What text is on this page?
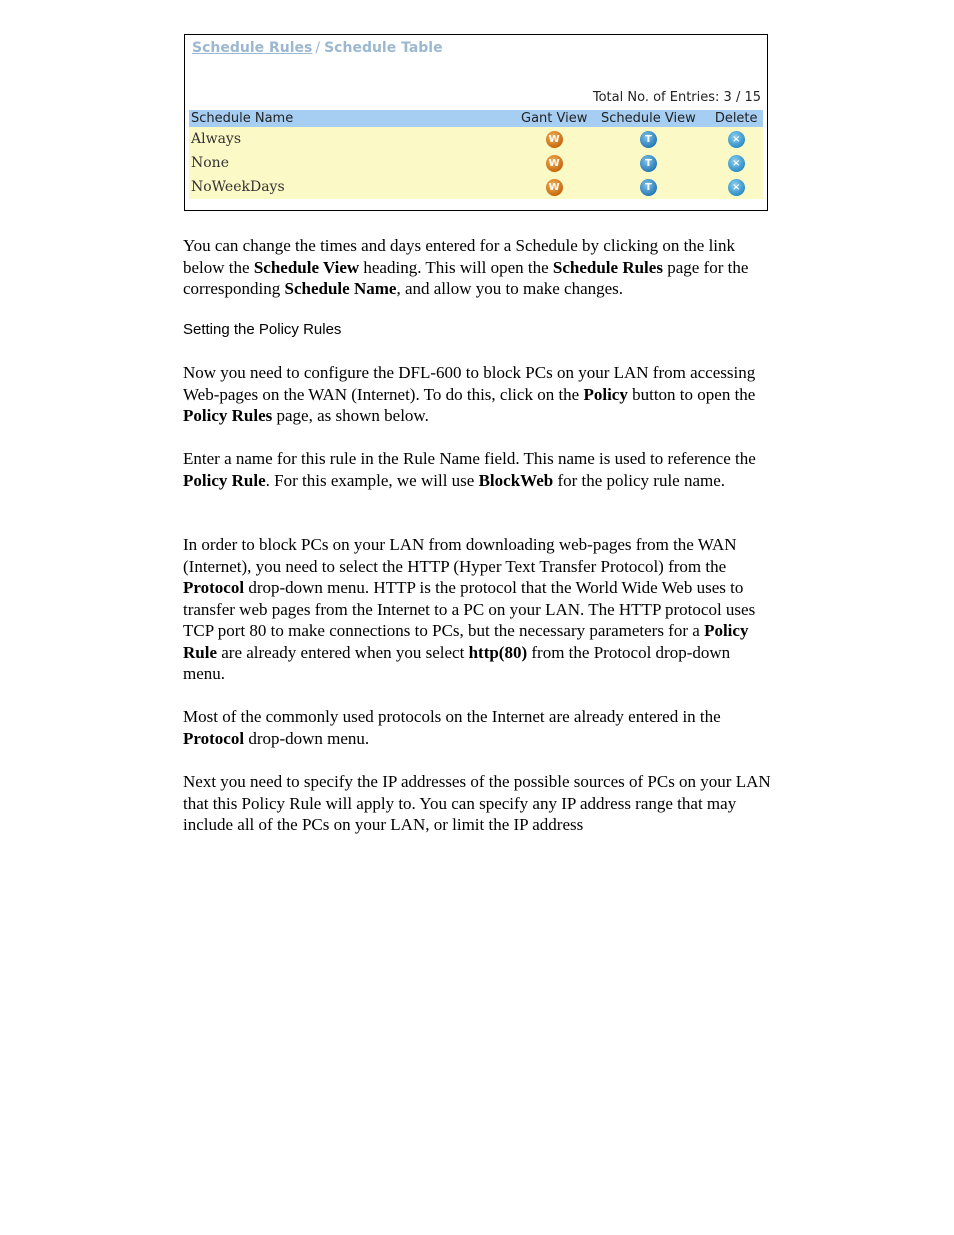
Schedule Rules / Schedule Table
Total No. of Entries: 3 / 15
Schedule Name	Gant View	Schedule View	Delete
Always	W	T	×
None	W	T	×
NoWeekDays	W	T	×

You can change the times and days entered for a Schedule by clicking on the link below the Schedule View heading. This will open the Schedule Rules page for the corresponding Schedule Name, and allow you to make changes.

Setting the Policy Rules

Now you need to configure the DFL-600 to block PCs on your LAN from accessing Web-pages on the WAN (Internet). To do this, click on the Policy button to open the Policy Rules page, as shown below.

Enter a name for this rule in the Rule Name field. This name is used to reference the Policy Rule. For this example, we will use BlockWeb for the policy rule name.

In order to block PCs on your LAN from downloading web-pages from the WAN (Internet), you need to select the HTTP (Hyper Text Transfer Protocol) from the Protocol drop-down menu. HTTP is the protocol that the World Wide Web uses to transfer web pages from the Internet to a PC on your LAN. The HTTP protocol uses TCP port 80 to make connections to PCs, but the necessary parameters for a Policy Rule are already entered when you select http(80) from the Protocol drop-down menu.

Most of the commonly used protocols on the Internet are already entered in the Protocol drop-down menu.

Next you need to specify the IP addresses of the possible sources of PCs on your LAN that this Policy Rule will apply to. You can specify any IP address range that may include all of the PCs on your LAN, or limit the IP address
